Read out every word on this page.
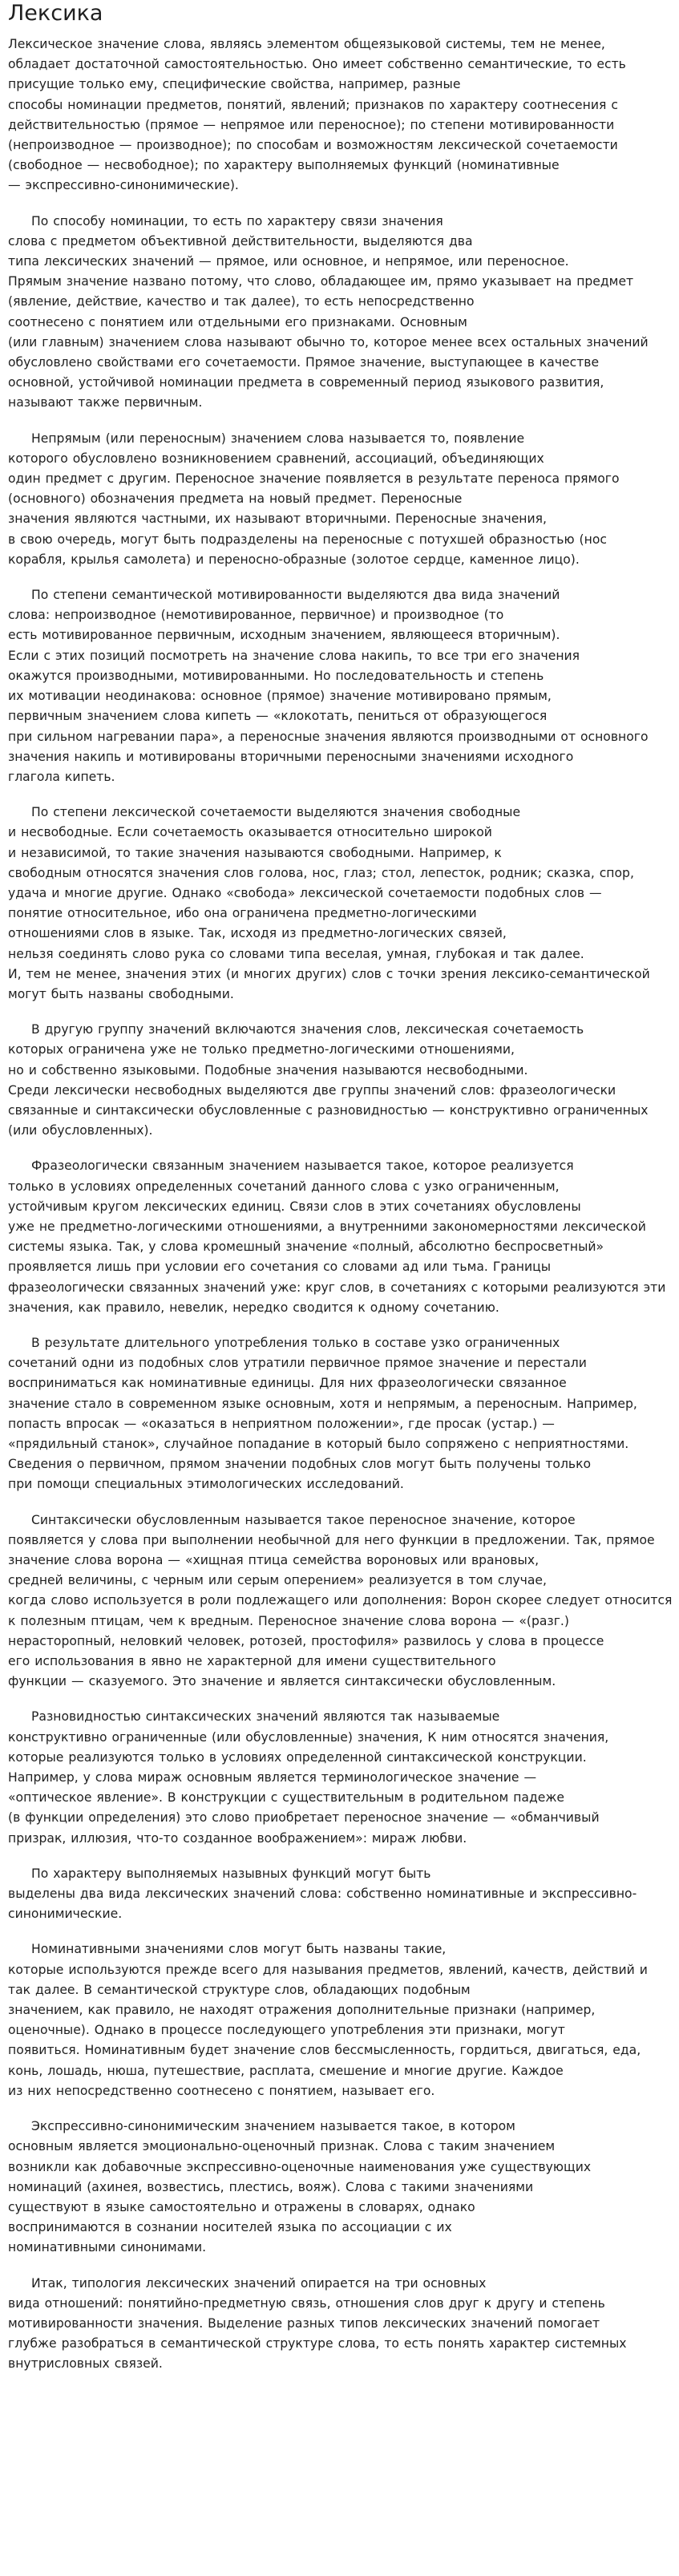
Лексика

Лексическое значение слова, являясь элементом общеязыковой системы, тем не менее,
обладает достаточной самостоятельностью. Оно имеет собственно семантические, то есть
присущие только ему, специфические свойства, например, разные
способы номинации предметов, понятий, явлений; признаков по характеру соотнесения с
действительностью (прямое — непрямое или переносное); по степени мотивированности
(непроизводное — производное); по способам и возможностям лексической сочетаемости
(свободное — несвободное); по характеру выполняемых функций (номинативные
— экспрессивно-синонимические).

По способу номинации, то есть по характеру связи значения
слова с предметом объективной действительности, выделяются два
типа лексических значений — прямое, или основное, и непрямое, или переносное.
Прямым значение названо потому, что слово, обладающее им, прямо указывает на предмет
(явление, действие, качество и так далее), то есть непосредственно
соотнесено с понятием или отдельными его признаками. Основным
(или главным) значением слова называют обычно то, которое менее всех остальных значений
обусловлено свойствами его сочетаемости. Прямое значение, выступающее в качестве
основной, устойчивой номинации предмета в современный период языкового развития,
называют также первичным.

Непрямым (или переносным) значением слова называется то, появление
которого обусловлено возникновением сравнений, ассоциаций, объединяющих
один предмет с другим. Переносное значение появляется в результате переноса прямого
(основного) обозначения предмета на новый предмет. Переносные
значения являются частными, их называют вторичными. Переносные значения,
в свою очередь, могут быть подразделены на переносные с потухшей образностью (нос
корабля, крылья самолета) и переносно-образные (золотое сердце, каменное лицо).

По степени семантической мотивированности выделяются два вида значений
слова: непроизводное (немотивированное, первичное) и производное (то
есть мотивированное первичным, исходным значением, являющееся вторичным).
Если с этих позиций посмотреть на значение слова накипь, то все три его значения
окажутся производными, мотивированными. Но последовательность и степень
их мотивации неодинакова: основное (прямое) значение мотивировано прямым,
первичным значением слова кипеть — «клокотать, пениться от образующегося
при сильном нагревании пара», а переносные значения являются производными от основного
значения накипь и мотивированы вторичными переносными значениями исходного
глагола кипеть.

По степени лексической сочетаемости выделяются значения свободные
и несвободные. Если сочетаемость оказывается относительно широкой
и независимой, то такие значения называются свободными. Например, к
свободным относятся значения слов голова, нос, глаз; стол, лепесток, родник; сказка, спор,
удача и многие другие. Однако «свобода» лексической сочетаемости подобных слов —
понятие относительное, ибо она ограничена предметно-логическими
отношениями слов в языке. Так, исходя из предметно-логических связей,
нельзя соединять слово рука со словами типа веселая, умная, глубокая и так далее.
И, тем не менее, значения этих (и многих других) слов с точки зрения лексико-семантической
могут быть названы свободными.

В другую группу значений включаются значения слов, лексическая сочетаемость
которых ограничена уже не только предметно-логическими отношениями,
но и собственно языковыми. Подобные значения называются несвободными.
Среди лексически несвободных выделяются две группы значений слов: фразеологически
связанные и синтаксически обусловленные с разновидностью — конструктивно ограниченных
(или обусловленных).

Фразеологически связанным значением называется такое, которое реализуется
только в условиях определенных сочетаний данного слова с узко ограниченным,
устойчивым кругом лексических единиц. Связи слов в этих сочетаниях обусловлены
уже не предметно-логическими отношениями, а внутренними закономерностями лексической
системы языка. Так, у слова кромешный значение «полный, абсолютно беспросветный»
проявляется лишь при условии его сочетания со словами ад или тьма. Границы
фразеологически связанных значений уже: круг слов, в сочетаниях с которыми реализуются эти
значения, как правило, невелик, нередко сводится к одному сочетанию.

В результате длительного употребления только в составе узко ограниченных
сочетаний одни из подобных слов утратили первичное прямое значение и перестали
восприниматься как номинативные единицы. Для них фразеологически связанное
значение стало в современном языке основным, хотя и непрямым, а переносным. Например,
попасть впросак — «оказаться в неприятном положении», где просак (устар.) —
«прядильный станок», случайное попадание в который было сопряжено с неприятностями.
Сведения о первичном, прямом значении подобных слов могут быть получены только
при помощи специальных этимологических исследований.

Синтаксически обусловленным называется такое переносное значение, которое
появляется у слова при выполнении необычной для него функции в предложении. Так, прямое
значение слова ворона — «хищная птица семейства вороновых или врановых,
средней величины, с черным или серым оперением» реализуется в том случае,
когда слово используется в роли подлежащего или дополнения: Ворон скорее следует относится
к полезным птицам, чем к вредным. Переносное значение слова ворона — «(разг.)
нерасторопный, неловкий человек, ротозей, простофиля» развилось у слова в процессе
его использования в явно не характерной для имени существительного
функции — сказуемого. Это значение и является синтаксически обусловленным.

Разновидностью синтаксических значений являются так называемые
конструктивно ограниченные (или обусловленные) значения, К ним относятся значения,
которые реализуются только в условиях определенной синтаксической конструкции.
Например, у слова мираж основным является терминологическое значение —
«оптическое явление». В конструкции с существительным в родительном падеже
(в функции определения) это слово приобретает переносное значение — «обманчивый
призрак, иллюзия, что-то созданное воображением»: мираж любви.

По характеру выполняемых назывных функций могут быть
выделены два вида лексических значений слова: собственно номинативные и экспрессивно-
синонимические.

Номинативными значениями слов могут быть названы такие,
которые используются прежде всего для называния предметов, явлений, качеств, действий и
так далее. В семантической структуре слов, обладающих подобным
значением, как правило, не находят отражения дополнительные признаки (например,
оценочные). Однако в процессе последующего употребления эти признаки, могут
появиться. Номинативным будет значение слов бессмысленность, гордиться, двигаться, еда,
конь, лошадь, нюша, путешествие, расплата, смешение и многие другие. Каждое
из них непосредственно соотнесено с понятием, называет его.

Экспрессивно-синонимическим значением называется такое, в котором
основным является эмоционально-оценочный признак. Слова с таким значением
возникли как добавочные экспрессивно-оценочные наименования уже существующих
номинаций (ахинея, возвестись, плестись, вояж). Слова с такими значениями
существуют в языке самостоятельно и отражены в словарях, однако
воспринимаются в сознании носителей языка по ассоциации с их
номинативными синонимами.

Итак, типология лексических значений опирается на три основных
вида отношений: понятийно-предметную связь, отношения слов друг к другу и степень
мотивированности значения. Выделение разных типов лексических значений помогает
глубже разобраться в семантической структуре слова, то есть понять характер системных
внутрисловных связей.
